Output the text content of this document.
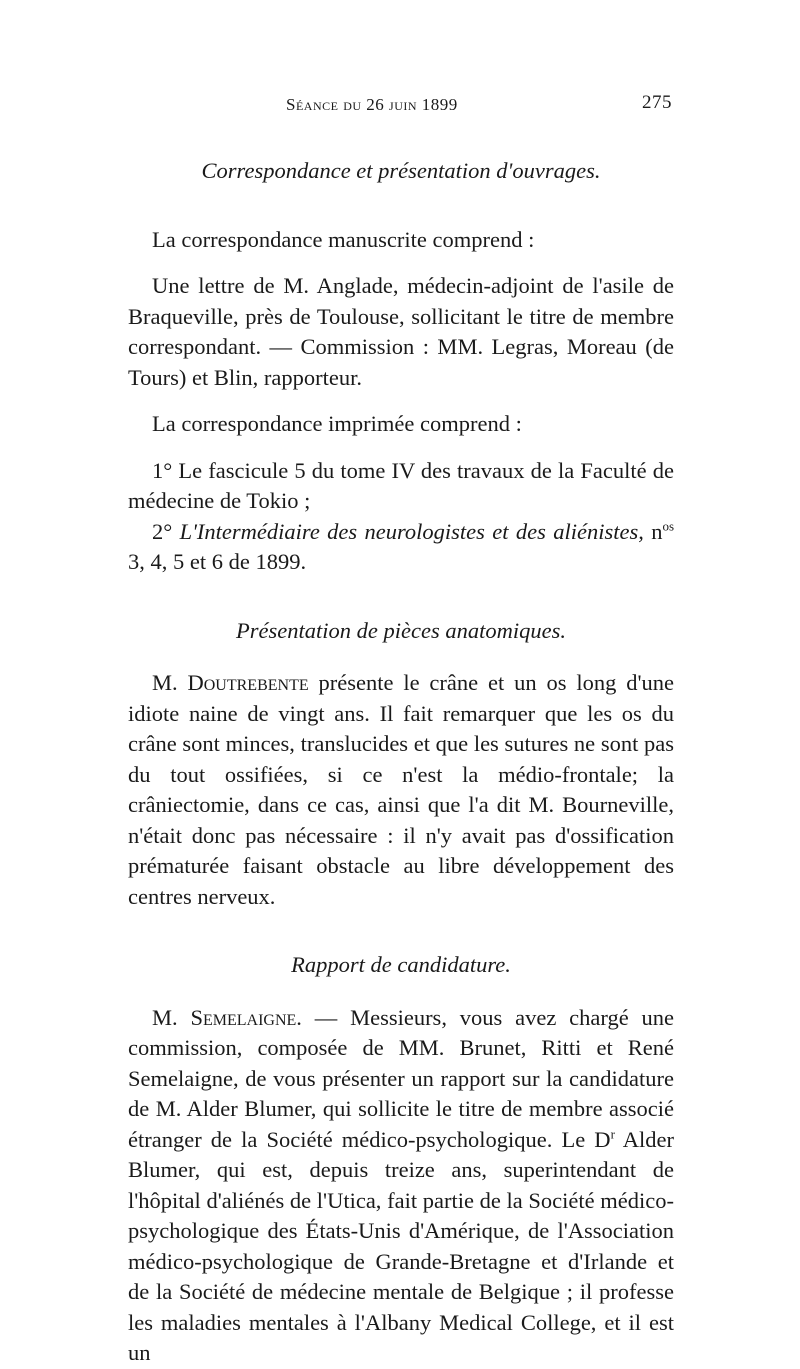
Séance du 26 juin 1899	275
Correspondance et présentation d'ouvrages.

La correspondance manuscrite comprend :

Une lettre de M. Anglade, médecin-adjoint de l'asile de Braqueville, près de Toulouse, sollicitant le titre de membre correspondant. — Commission : MM. Legras, Moreau (de Tours) et Blin, rapporteur.

La correspondance imprimée comprend :

1° Le fascicule 5 du tome IV des travaux de la Faculté de médecine de Tokio ;

2° L'Intermédiaire des neurologistes et des aliénistes, $n^{os}$ 3, 4, 5 et 6 de 1899.

Présentation de pièces anatomiques.

M. Doutrebente présente le crâne et un os long d'une idiote naine de vingt ans. Il fait remarquer que les os du crâne sont minces, translucides et que les sutures ne sont pas du tout ossifiées, si ce n'est la médio-frontale; la crâniectomie, dans ce cas, ainsi que l'a dit M. Bourneville, n'était donc pas nécessaire : il n'y avait pas d'ossification prématurée faisant obstacle au libre développement des centres nerveux.

Rapport de candidature.

M. Semelaigne. — Messieurs, vous avez chargé une commission, composée de MM. Brunet, Ritti et René Semelaigne, de vous présenter un rapport sur la candidature de M. Alder Blumer, qui sollicite le titre de membre associé étranger de la Société médico-psychologique. Le $D^r$ Alder Blumer, qui est, depuis treize ans, superintendant de l'hôpital d'aliénés de l'Utica, fait partie de la Société médico-psychologique des États-Unis d'Amérique, de l'Association médico-psychologique de Grande-Bretagne et d'Irlande et de la Société de médecine mentale de Belgique ; il professe les maladies mentales à l'Albany Medical College, et il est un
